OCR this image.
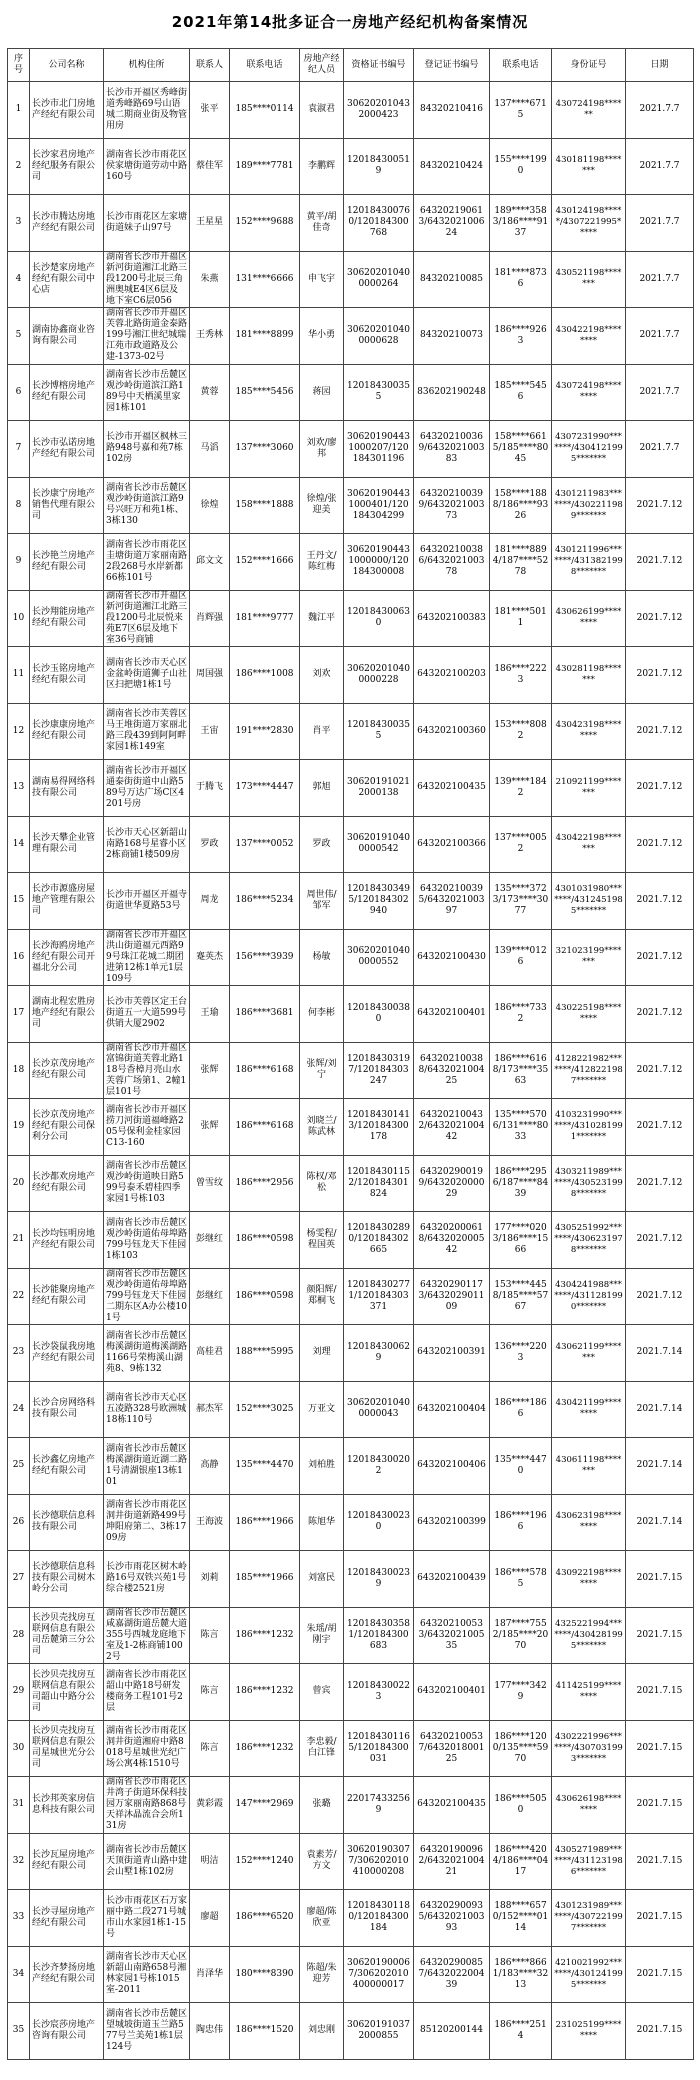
2021年第14批多证合一房地产经纪机构备案情况
序号	公司名称	机构住所	联系人	联系电话	房地产经纪人员	资格证书编号	登记证书编号	联系电话	身份证号	日期
1	长沙市北门房地产经纪有限公司	长沙市开福区秀峰街道秀峰路69号山语城二期商业街及物管用房	张平	185****0114	袁淑君	306202010432000423	84320210416	137****6715	430724198******	2021.7.7
2	长沙家君房地产经纪服务有限公司	湖南省长沙市雨花区侯家塘街道劳动中路160号	蔡佳军	189****7781	李鹏辉	120184300519	84320210424	155****1990	430181198*******	2021.7.7
3	长沙市腾达房地产经纪有限公司	长沙市雨花区左家塘街道妹子山97号	王星星	152****9688	黄平/胡佳奇	120184300760/120184300768	643202190613/643202100624	189****3583/186****9137	430124198*****/4307221995*****	2021.7.7
4	长沙楚家房地产经纪有限公司中心店	湖南省长沙市开福区新河街道湘江北路三段1200号北辰三角洲奥城E4区6层及地下室C6层056	朱燕	131****6666	申飞宇	306202010400000264	84320210085	181****8736	430521198*******	2021.7.7
5	湖南协鑫商业咨询有限公司	湖南省长沙市开福区芙蓉北路街道金泰路199号湘江世纪城瑞江苑市政道路及公建-1373-02号	王秀林	181****8899	华小勇	306202010400000628	84320210073	186****9263	430422198********	2021.7.7
6	长沙博榕房地产经纪有限公司	湖南省长沙市岳麓区观沙岭街道滨江路189号中天栖溪里家园1栋101	黄蓉	185****5456	蒋园	120184300355	836202190248	185****5456	430724198********	2021.7.7
7	长沙市弘诺房地产经纪有限公司	长沙市开福区枫林三路948号嘉和苑7栋102房	马滔	137****3060	刘欢/廖邦	306201904431000207/120184301196	643202100369/643202100383	158****6615/185****8045	4307231990*******/4304121995*******	2021.7.7
8	长沙康宁房地产销售代理有限公司	湖南省长沙市岳麓区观沙岭街道滨江路9号兴旺万和苑1栋、3栋130	徐煌	158****1888	徐煌/张迎美	306201904431000401/120184304299	643202100399/643202100373	158****1888/186****9326	4301211983*******/4302211989*******	2021.7.12
9	长沙艳兰房地产经纪有限公司	湖南省长沙市雨花区圭塘街道万家丽南路2段268号水岸新都66栋101号	邱文文	152****1666	王丹文/陈红梅	306201904431000000/120184300008	643202100386/643202100378	181****8894/187****5278	4301211996*******/4313821998*******	2021.7.12
10	长沙翔能房地产经纪有限公司	湖南省长沙市开福区新河街道湘江北路三段1200号北辰悦来苑E7区6层及地下室36号商铺	肖辉强	181****9777	魏江平	120184300630	643202100383	181****5011	430626199********	2021.7.12
11	长沙玉铭房地产经纪有限公司	湖南省长沙市天心区金盆岭街道狮子山社区扫把塘1栋1号	周国强	186****1008	刘欢	306202010400000228	643202100203	186****2223	430281198*******	2021.7.12
12	长沙康康房地产经纪有限公司	湖南省长沙市芙蓉区马王堆街道万家丽北路三段439到阿阿畔家园1栋149室	王宙	191****2830	肖平	120184300355	643202100360	153****8082	430423198********	2021.7.12
13	湖南易得网络科技有限公司	湖南省长沙市开福区通泰街街道中山路589号万达广场C区4201号房	于腾飞	173****4447	郭旭	306201910212000138	643202100435	139****1842	210921199*******	2021.7.12
14	长沙天攀企业管理有限公司	长沙市天心区新韶山南路168号星睿小区2栋商铺1楼509房	罗政	137****0052	罗政	306201910400000542	643202100366	137****0052	430422198*******	2021.7.12
15	长沙市源盛房屋地产管理有限公司	长沙市开福区开福寺街道世华夏路53号	周龙	186****5234	周世伟/邹军	120184303495/120184302940	643202100395/643202100397	135****3723/173****3077	4301031980*******/4312451985*******	2021.7.12
16	长沙海鸥房地产经纪有限公司开福北分公司	湖南省长沙市开福区洪山街道福元西路99号珠江花城二期团进第12栋1单元1层109号	蹇英杰	156****3939	杨敏	306202010400000552	643202100430	139****0126	321023199*******	2021.7.12
17	湖南北程宏胜房地产经纪有限公司	长沙市芙蓉区定王台街道五一大道599号供销大厦2902	王瑜	186****3681	何李彬	120184300380	643202100401	186****7332	430225198********	2021.7.12
18	长沙京茂房地产经纪有限公司	湖南省长沙市开福区富锦街道芙蓉北路118号香樟月亮山水芙蓉广场第1、2幢1层101号	张辉	186****6168	张辉/刘宁	120184303197/120184303247	643202100388/643202100425	186****6168/173****3563	4128221982*******/4128221987*******	2021.7.12
19	长沙京茂房地产经纪有限公司保利分公司	湖南省长沙市开福区捞刀河街道福峰路205号保利金桂家园C13-160	张辉	186****6168	刘晓兰/陈武林	120184301413/120184300178	643202100432/643202100442	135****5706/131****8033	4103231990*******/4310281991*******	2021.7.12
20	长沙都欢房地产经纪有限公司	湖南省长沙市岳麓区观沙岭街道映日路599号泰禾碧桂四季家园1号栋103	曾雪纹	186****2956	陈权/邓松	120184301152/120184301824	643202900199/643202000029	186****2956/187****8439	4303211989*******/4305231998*******	2021.7.12
21	长沙均钰明房地产经纪有限公司	湖南省长沙市岳麓区观沙岭街道佑母埠路799号钰龙天下佳园1栋103	彭继红	186****0598	杨雯程/程国英	120184302890/120184302665	643202000618/643202000542	177****0203/186****1566	4305251992*******/4306231978*******	2021.7.12
22	长沙能聚房地产经纪有限公司	湖南省长沙市岳麓区观沙岭街道佑母埠路799号钰龙天下佳园二期东区A办公楼101号	彭继红	186****0598	颜阳辉/郑桐飞	120184302771/120184303371	643202901173/643202901109	153****4458/185****5767	4304241988*******/4311281990*******	2021.7.12
23	长沙袋鼠我房地产经纪有限公司	湖南省长沙市岳麓区梅溪湖街道梅溪湖路1166号荣梅溪山湖苑8、9栋132	高桂君	188****5995	刘理	120184300629	643202100391	136****2203	430621199*******	2021.7.14
24	长沙合房网络科技有限公司	湖南省长沙市天心区五凌路328号欧洲城18栋110号	郝杰军	152****3025	万亚文	306202010400000043	643202100404	186****1866	430421199********	2021.7.14
25	长沙鑫亿房地产经纪有限公司	湖南省长沙市岳麓区梅溪湖街道近湖二路1号清湖银座13栋101	高静	135****4470	刘柏胜	120184300202	643202100406	135****4470	430611198*******	2021.7.14
26	长沙德联信息科技有限公司	湖南省长沙市雨花区洞井街道新路499号坤阳府第二、3栋1709房	王海波	186****1966	陈旭华	120184300230	643202100399	186****1966	430623198********	2021.7.14
27	长沙德联信息科技有限公司树木岭分公司	长沙市雨花区树木岭路16号双铁兴苑1号综合楼2521房	刘莉	185****1966	刘富民	120184300239	643202100439	186****5785	430922198********	2021.7.15
28	长沙贝壳找房互联网信息有限公司岳麓第三分公司	湖南省长沙市岳麓区咸嘉湖街道岳麓大道355号西城龙庭地下室及1-2栋商铺1002号	陈言	186****1232	朱瑶/胡刚宇	120184303581/120184300683	643202100533/643202100535	187****7552/185****2070	4325221994*******/4304281995*******	2021.7.15
29	长沙贝壳找房互联网信息有限公司韶山中路分公司	湖南省长沙市雨花区韶山中路18号研发楼商务工程101号2层	陈言	186****1232	曾宾	120184300223	643202100401	177****3429	411425199********	2021.7.15
30	长沙贝壳找房互联网信息有限公司星城世光分公司	湖南省长沙市雨花区洞井街道湘府中路8018号星城世光纪广场公寓4栋1510号	陈言	186****1232	李忠毅/白江锋	120184301165/120184300031	643202100537/643201800125	186****1200/135****5970	4302221996*******/4307031993*******	2021.7.15
31	长沙邦英家房信息科技有限公司	湖南省长沙市雨花区井湾子街道环保科技园万家丽南路868号天祥沐晶流合会所131房	黄彩霞	147****2969	张璐	220174332569	643202100435	186****5050	430626198********	2021.7.15
32	长沙瓦屋房地产经纪有限公司	湖南省长沙市岳麓区天顶街道青山路中建会山墅1栋102房	明洁	152****1240	袁素芳/方文	306201903077/306202010410000208	643201900962/643202100421	186****4204/186****0417	4305271989*******/4311231986*******	2021.7.15
33	长沙寻屋房地产经纪有限公司	长沙市雨花区石万家丽中路二段271号城市山水家园1栋1-15号	廖超	186****6520	廖超/陈欣亚	120184301180/120184300184	643202900935/643202100393	188****6570/152****0114	4301231989*******/4307221997*******	2021.7.15
34	长沙齐梦扬房地产经纪有限公司	湖南省长沙市天心区新韶山南路658号湘林家园1号栋1015室-2011	肖泽华	180****8390	陈超/朱迎芳	306201900067/306202010400000017	643202900857/643202200439	186****8661/183****3213	4210021992*******/4301241995*******	2021.7.15
35	长沙宸莎房地产咨询有限公司	湖南省长沙市岳麓区望城坡街道玉兰路577号兰美苑1栋1层124号	陶忠伟	186****1520	刘忠刚	306201910372000855	85120200144	186****2514	231025199********	2021.7.15
